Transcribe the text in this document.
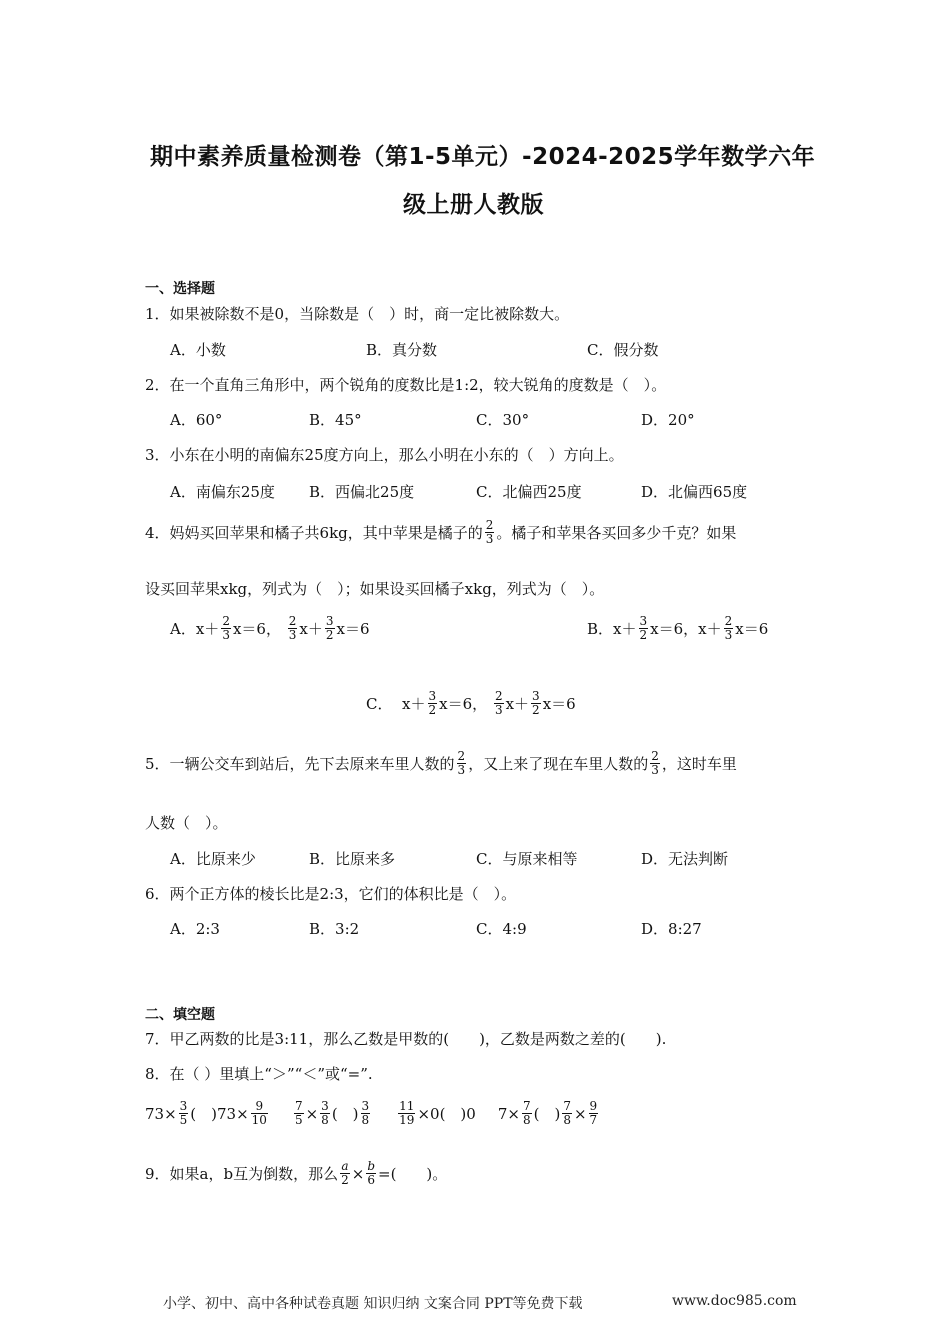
期中素养质量检测卷（第1-5单元）-2024-2025学年数学六年
级上册人教版
一、选择题
1．如果被除数不是0，当除数是（　）时，商一定比被除数大。
A．小数	B．真分数	C．假分数
2．在一个直角三角形中，两个锐角的度数比是1:2，较大锐角的度数是（　）。
A．60°	B．45°	C．30°	D．20°
3．小东在小明的南偏东25度方向上，那么小明在小东的（　）方向上。
A．南偏东25度 B．西偏北25度	C．北偏西25度	D．北偏西65度
4．妈妈买回苹果和橘子共6kg，其中苹果是橘子的 $\frac{2}{3}$ 。橘子和苹果各买回多少千克？如果
设买回苹果xkg，列式为（　）；如果设买回橘子xkg，列式为（　）。
A． $x+ \frac{2}{3} x=6$，
$\frac{2}{3} x+ \frac{3}{2} x=6$	B． $x+ \frac{3}{2} x=6$， $x+ \frac{2}{3} x=6$
C．
$x+ \frac{3}{2} x=6$，
$\frac{2}{3} x+ \frac{3}{2} x=6$
5．一辆公交车到站后，先下去原来车里人数的 $\frac{2}{3}$ ，又上来了现在车里人数的 $\frac{2}{3}$ ，这时车里
人数（　）。
A．比原来少	B．比原来多	C．与原来相等	D．无法判断
6．两个正方体的棱长比是2:3，它们的体积比是（　）。
A．2:3	B．3:2	C．4:9	D．8:27
二、填空题
7．甲乙两数的比是3:11，那么乙数是甲数的(　　)，乙数是两数之差的(　　).
8．在（ ）里填上“＞”“＜”或“=”.
$73\times \frac{3}{5}$ (　)$73\times \frac{9}{10} \frac{7}{5} \times \frac{3}{8}$ (　) $\frac{3}{8} \frac{11}{19} \times 0$(　)0 $7\times \frac{7}{8}$ (　) $\frac{7}{8} \times \frac{9}{7}$
9．如果a，b互为倒数，那么 $\frac{a}{2} \times \frac{b}{6}$ =(　　)。
小学、初中、高中各种试卷真题 知识归纳 文案合同 PPT等免费下载	www.doc985.com
